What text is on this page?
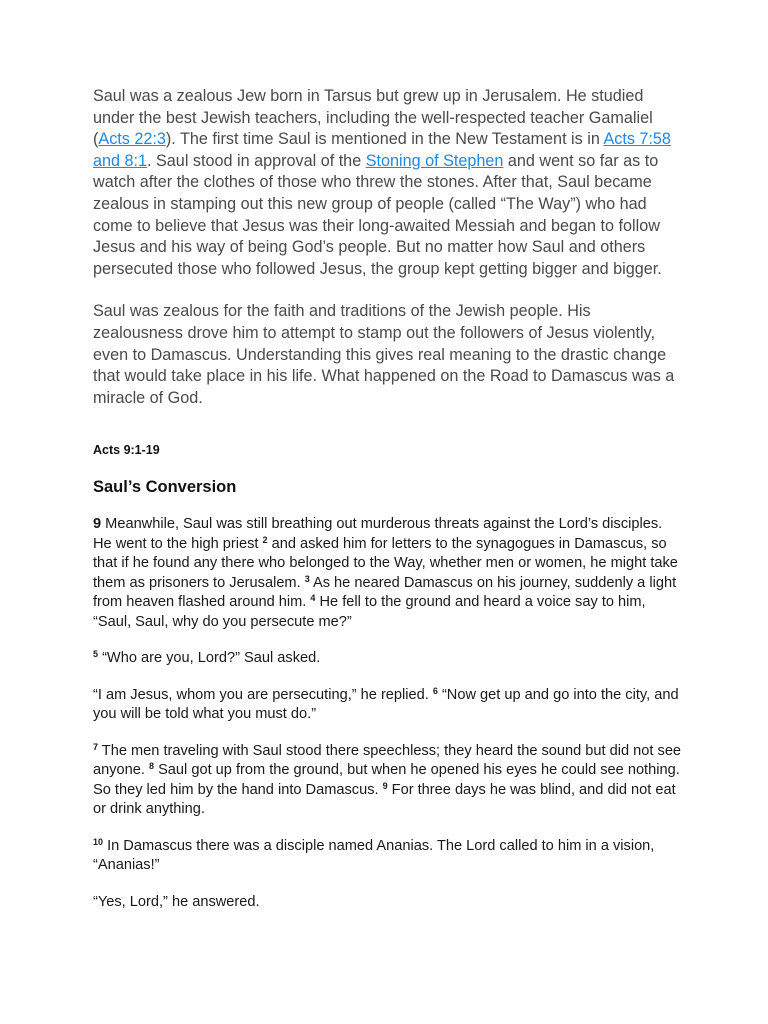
Saul was a zealous Jew born in Tarsus but grew up in Jerusalem. He studied under the best Jewish teachers, including the well-respected teacher Gamaliel (Acts 22:3). The first time Saul is mentioned in the New Testament is in Acts 7:58 and 8:1. Saul stood in approval of the Stoning of Stephen and went so far as to watch after the clothes of those who threw the stones. After that, Saul became zealous in stamping out this new group of people (called “The Way”) who had come to believe that Jesus was their long-awaited Messiah and began to follow Jesus and his way of being God’s people. But no matter how Saul and others persecuted those who followed Jesus, the group kept getting bigger and bigger.

Saul was zealous for the faith and traditions of the Jewish people. His zealousness drove him to attempt to stamp out the followers of Jesus violently, even to Damascus. Understanding this gives real meaning to the drastic change that would take place in his life. What happened on the Road to Damascus was a miracle of God.

Acts 9:1-19

Saul’s Conversion

9 Meanwhile, Saul was still breathing out murderous threats against the Lord’s disciples. He went to the high priest $^2$ and asked him for letters to the synagogues in Damascus, so that if he found any there who belonged to the Way, whether men or women, he might take them as prisoners to Jerusalem. $^3$ As he neared Damascus on his journey, suddenly a light from heaven flashed around him. $^4$ He fell to the ground and heard a voice say to him, “Saul, Saul, why do you persecute me?”

$^5$ “Who are you, Lord?” Saul asked.

“I am Jesus, whom you are persecuting,” he replied. $^6$ “Now get up and go into the city, and you will be told what you must do.”

$^7$ The men traveling with Saul stood there speechless; they heard the sound but did not see anyone. $^8$ Saul got up from the ground, but when he opened his eyes he could see nothing. So they led him by the hand into Damascus. $^9$ For three days he was blind, and did not eat or drink anything.

$^{10}$ In Damascus there was a disciple named Ananias. The Lord called to him in a vision, “Ananias!”

“Yes, Lord,” he answered.
